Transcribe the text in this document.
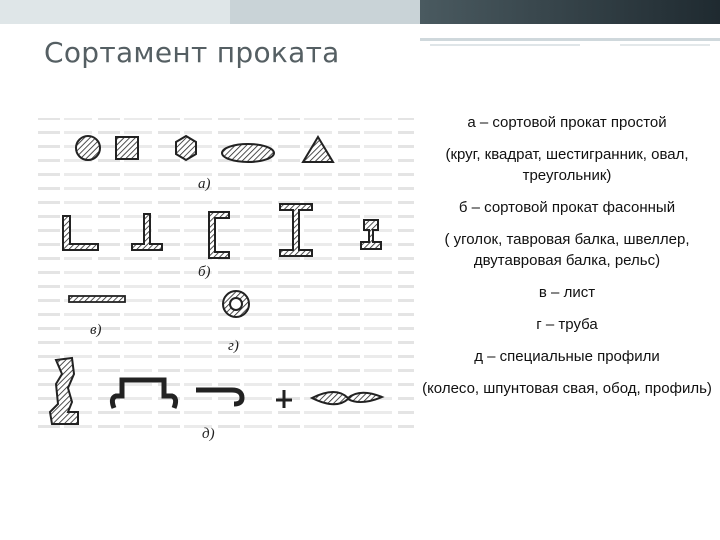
Сортамент проката
а)
б)
в)
г)
д)
а – сортовой прокат простой
(круг, квадрат, шестигранник, овал, треугольник)
б – сортовой прокат фасонный
( уголок, тавровая балка, швеллер, двутавровая балка, рельс)
в – лист
г – труба
д – специальные профили
(колесо, шпунтовая свая, обод, профиль)
